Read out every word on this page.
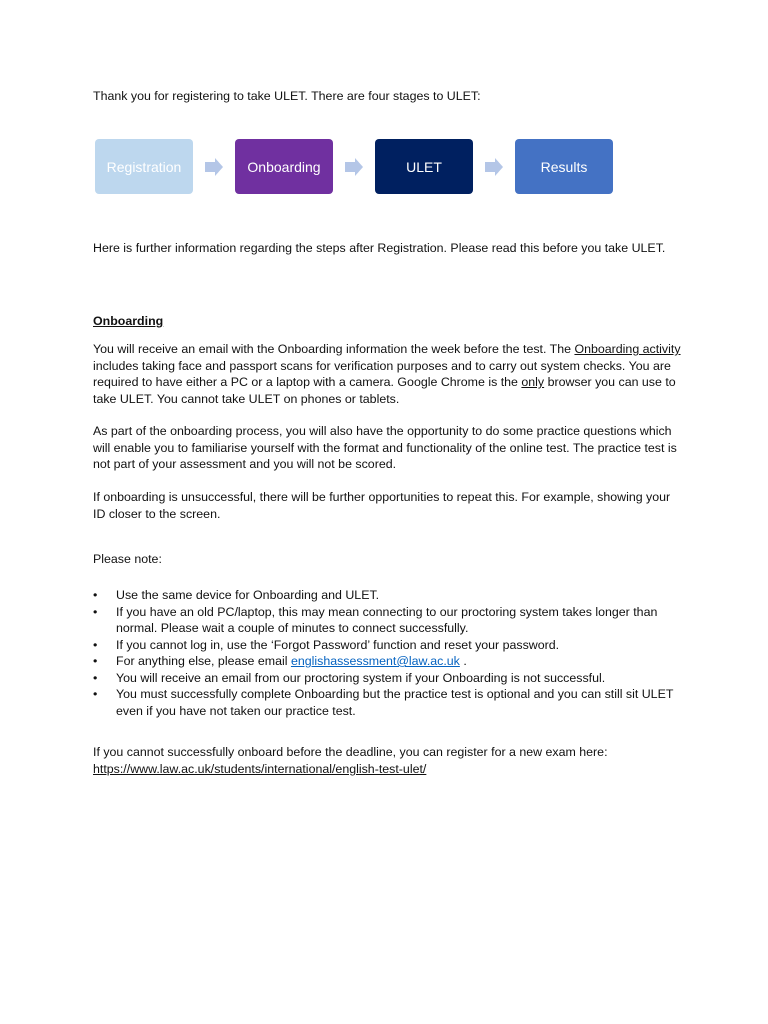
Thank you for registering to take ULET. There are four stages to ULET:
Registration	Onboarding	ULET	Results
Here is further information regarding the steps after Registration. Please read this before you take ULET.
Onboarding
You will receive an email with the Onboarding information the week before the test. The Onboarding activity includes taking face and passport scans for verification purposes and to carry out system checks. You are required to have either a PC or a laptop with a camera. Google Chrome is the only browser you can use to take ULET. You cannot take ULET on phones or tablets.
As part of the onboarding process, you will also have the opportunity to do some practice questions which will enable you to familiarise yourself with the format and functionality of the online test. The practice test is not part of your assessment and you will not be scored.
If onboarding is unsuccessful, there will be further opportunities to repeat this. For example, showing your ID closer to the screen.
Please note:
• Use the same device for Onboarding and ULET.
• If you have an old PC/laptop, this may mean connecting to our proctoring system takes longer than normal. Please wait a couple of minutes to connect successfully.
• If you cannot log in, use the ‘Forgot Password’ function and reset your password.
• For anything else, please email englishassessment@law.ac.uk .
• You will receive an email from our proctoring system if your Onboarding is not successful.
• You must successfully complete Onboarding but the practice test is optional and you can still sit ULET even if you have not taken our practice test.
If you cannot successfully onboard before the deadline, you can register for a new exam here:
https://www.law.ac.uk/students/international/english-test-ulet/
